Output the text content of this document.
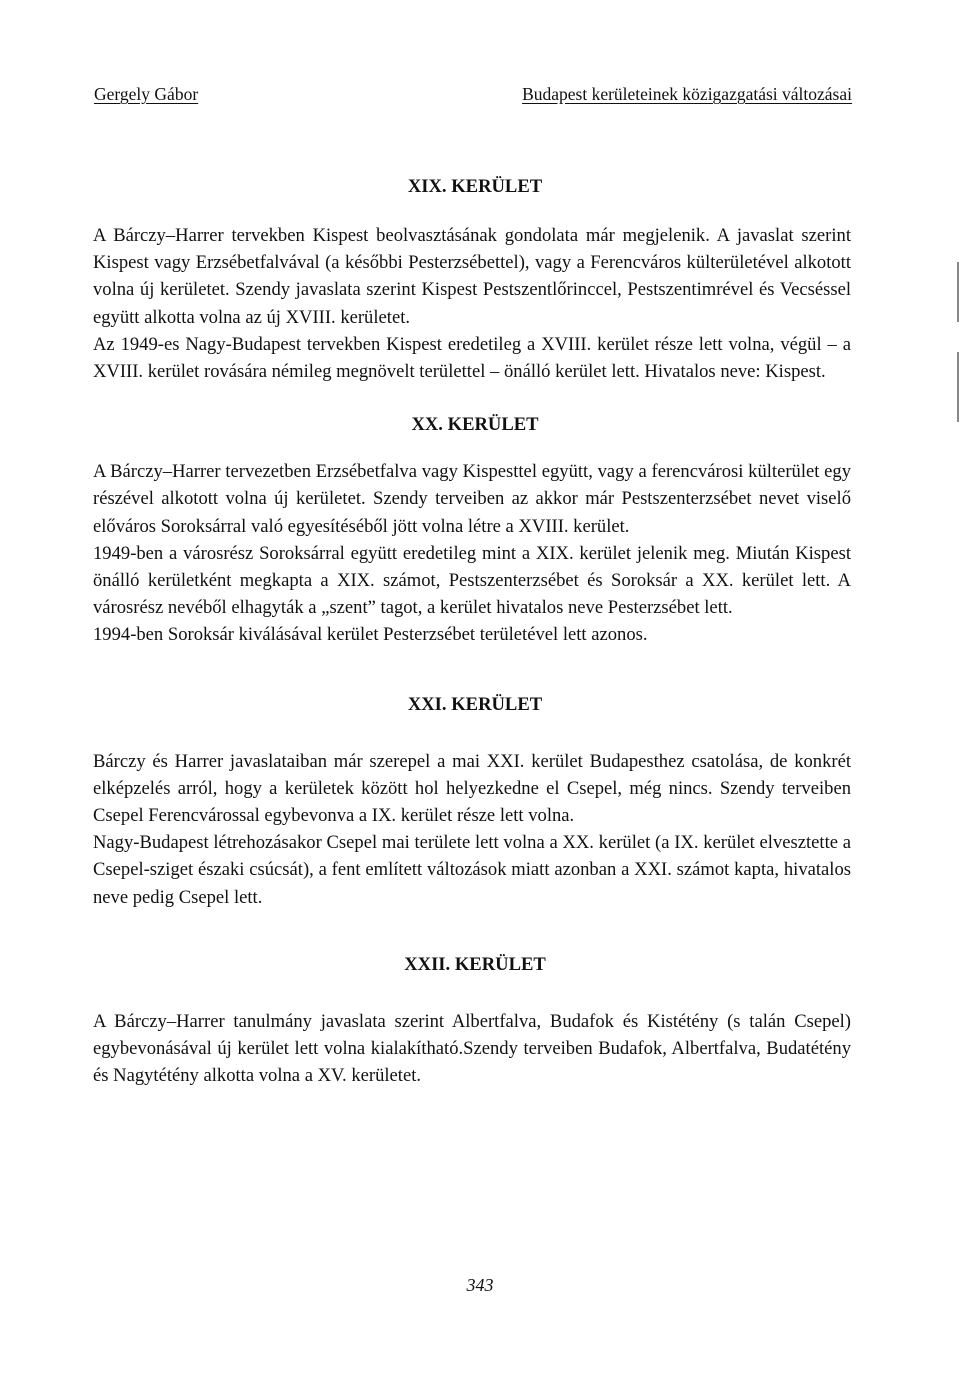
Gergely Gábor	Budapest kerületeinek közigazgatási változásai
XIX. KERÜLET

A Bárczy–Harrer tervekben Kispest beolvasztásának gondolata már megjelenik. A javaslat szerint Kispest vagy Erzsébetfalvával (a későbbi Pesterzsébettel), vagy a Ferencváros külterületével alkotott volna új kerületet. Szendy javaslata szerint Kispest Pestszentlőrinccel, Pestszentimrével és Vecséssel együtt alkotta volna az új XVIII. kerületet.

Az 1949-es Nagy-Budapest tervekben Kispest eredetileg a XVIII. kerület része lett volna, végül – a XVIII. kerület rovására némileg megnövelt területtel – önálló kerület lett. Hivatalos neve: Kispest.

XX. KERÜLET

A Bárczy–Harrer tervezetben Erzsébetfalva vagy Kispesttel együtt, vagy a ferencvárosi külterület egy részével alkotott volna új kerületet. Szendy terveiben az akkor már Pestszenterzsébet nevet viselő előváros Soroksárral való egyesítéséből jött volna létre a XVIII. kerület.

1949-ben a városrész Soroksárral együtt eredetileg mint a XIX. kerület jelenik meg. Miután Kispest önálló kerületként megkapta a XIX. számot, Pestszenterzsébet és Soroksár a XX. kerület lett. A városrész nevéből elhagyták a „szent” tagot, a kerület hivatalos neve Pesterzsébet lett.

1994-ben Soroksár kiválásával kerület Pesterzsébet területével lett azonos.

XXI. KERÜLET

Bárczy és Harrer javaslataiban már szerepel a mai XXI. kerület Budapesthez csatolása, de konkrét elképzelés arról, hogy a kerületek között hol helyezkedne el Csepel, még nincs. Szendy terveiben Csepel Ferencvárossal egybevonva a IX. kerület része lett volna.

Nagy-Budapest létrehozásakor Csepel mai területe lett volna a XX. kerület (a IX. kerület elvesztette a Csepel-sziget északi csúcsát), a fent említett változások miatt azonban a XXI. számot kapta, hivatalos neve pedig Csepel lett.

XXII. KERÜLET

A Bárczy–Harrer tanulmány javaslata szerint Albertfalva, Budafok és Kistétény (s talán Csepel) egybevonásával új kerület lett volna kialakítható.Szendy terveiben Budafok, Albertfalva, Budatétény és Nagytétény alkotta volna a XV. kerületet.

343
